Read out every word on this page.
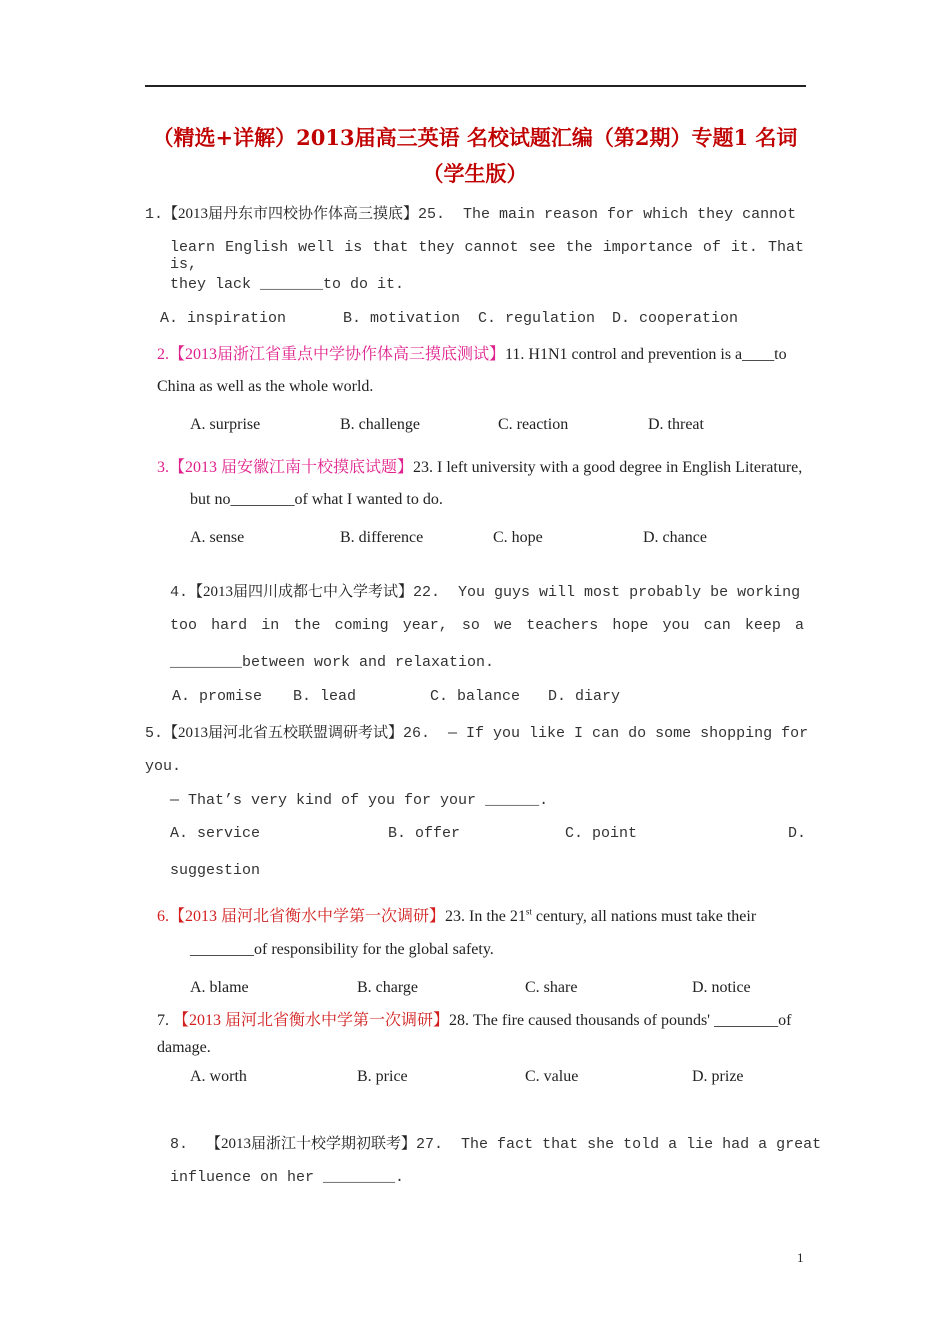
（精选+详解）2013届高三英语 名校试题汇编（第2期）专题1 名词
（学生版）
1.【2013届丹东市四校协作体高三摸底】25.  The main reason for which they cannot
learn English well is that they cannot see the importance of it. That is,
they lack _______to do it.
A. inspiration	B. motivation C. regulation D. cooperation
2.【2013届浙江省重点中学协作体高三摸底测试】11. H1N1 control and prevention is a____to
China as well as the whole world.
A. surprise	B. challenge	C. reaction	D. threat
3.【2013 届安徽江南十校摸底试题】23. I left university with a good degree in English Literature,
but no________of what I wanted to do.
A. sense	B. difference	C. hope	D. chance
4.【2013届四川成都七中入学考试】22.  You guys will most probably be working
too hard in the coming year, so we teachers hope you can keep a
________between work and relaxation.
A. promise B. lead	C. balance D. diary
5.【2013届河北省五校联盟调研考试】26.  — If you like I can do some shopping for
you.
— That’s very kind of you for your ______.
A. service	B. offer	C. point	D.
suggestion
6.【2013 届河北省衡水中学第一次调研】23. In the 21st century, all nations must take their
________of responsibility for the global safety.
A. blame	B. charge	C. share	D. notice
7. 【2013 届河北省衡水中学第一次调研】28. The fire caused thousands of pounds' ________of
damage.
A. worth	B. price	C. value	D. prize
8. 【2013届浙江十校学期初联考】27.  The fact that she told a lie had a great
influence on her ________.
1
